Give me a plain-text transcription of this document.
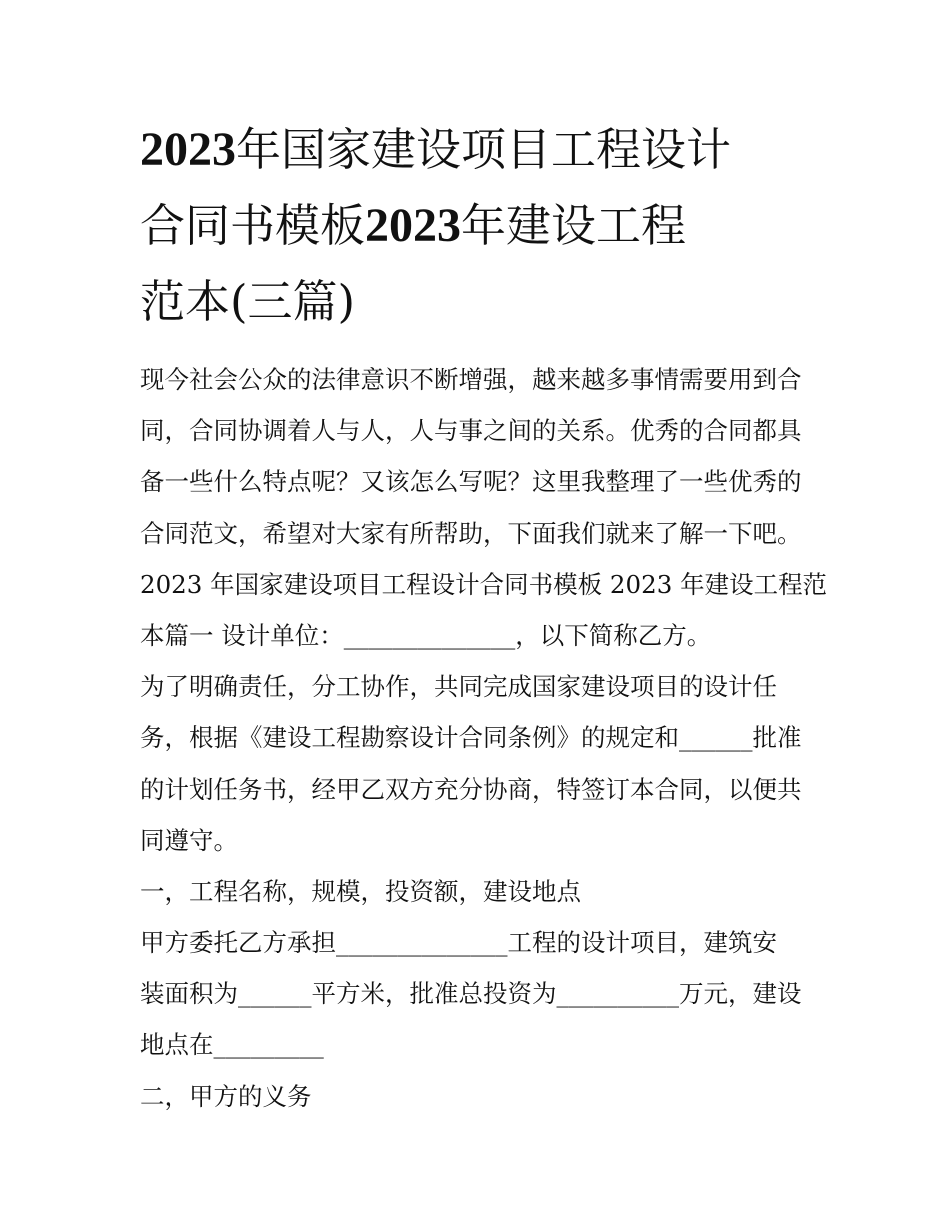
2023年国家建设项目工程设计
合同书模板2023年建设工程
范本(三篇)
现今社会公众的法律意识不断增强，越来越多事情需要用到合
同，合同协调着人与人，人与事之间的关系。优秀的合同都具
备一些什么特点呢？又该怎么写呢？这里我整理了一些优秀的
合同范文，希望对大家有所帮助，下面我们就来了解一下吧。
2023 年国家建设项目工程设计合同书模板 2023 年建设工程范
本篇一 设计单位：______________，以下简称乙方。
为了明确责任，分工协作，共同完成国家建设项目的设计任
务，根据《建设工程勘察设计合同条例》的规定和______批准
的计划任务书，经甲乙双方充分协商，特签订本合同，以便共
同遵守。
一，工程名称，规模，投资额，建设地点
甲方委托乙方承担______________工程的设计项目，建筑安
装面积为______平方米，批准总投资为__________万元，建设
地点在_________
二，甲方的义务
